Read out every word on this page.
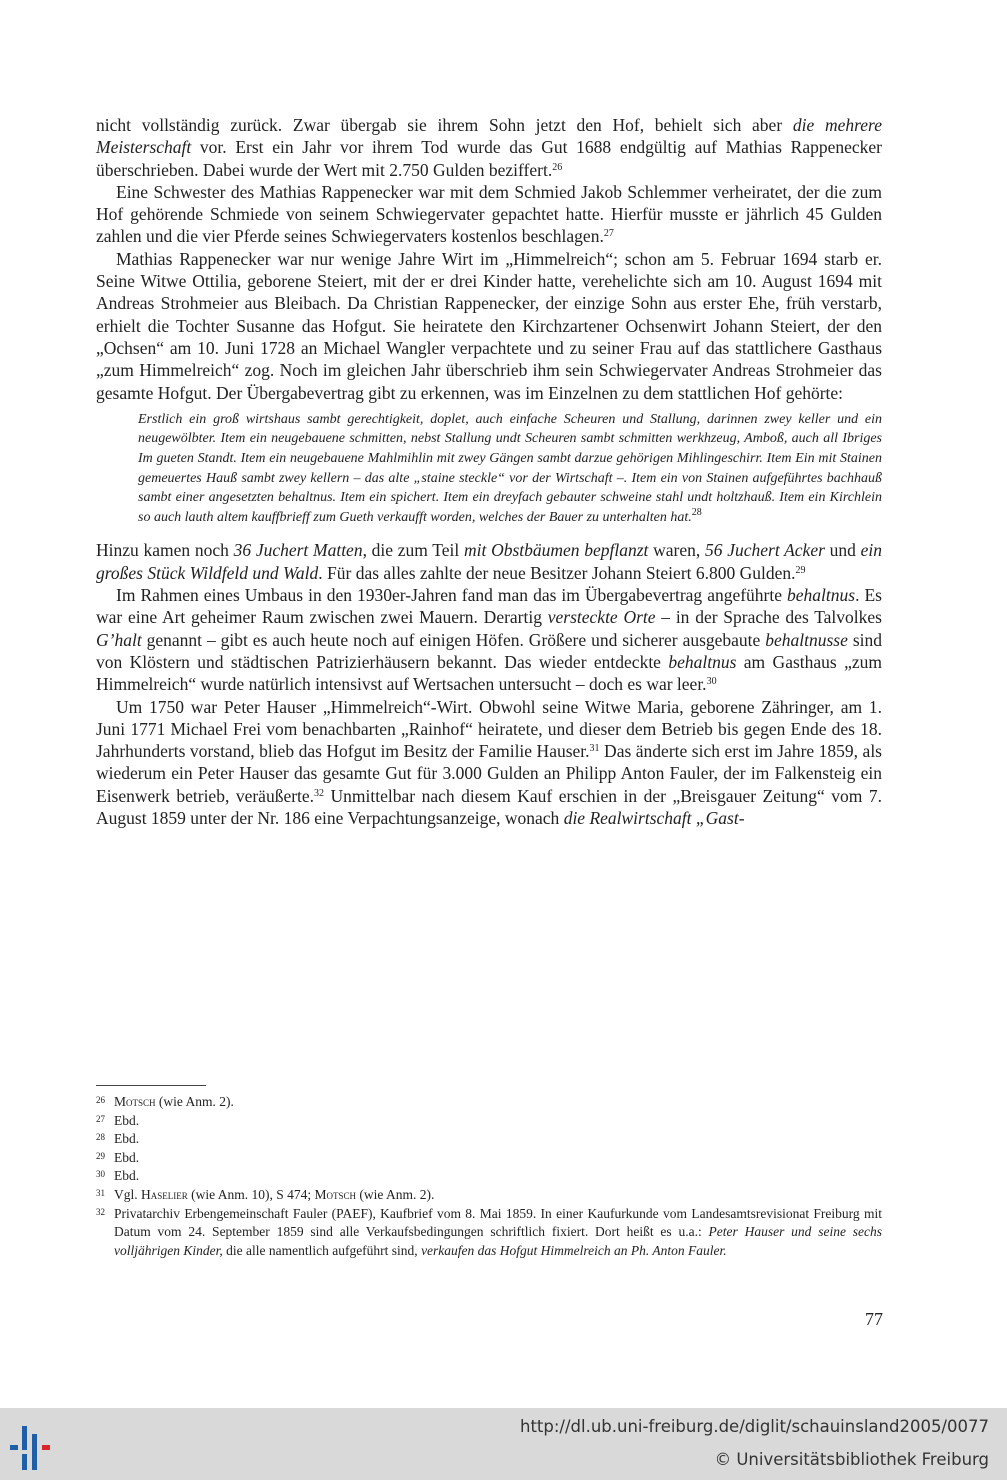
nicht vollständig zurück. Zwar übergab sie ihrem Sohn jetzt den Hof, behielt sich aber die mehrere Meisterschaft vor. Erst ein Jahr vor ihrem Tod wurde das Gut 1688 endgültig auf Mathias Rappenecker überschrieben. Dabei wurde der Wert mit 2.750 Gulden beziffert.$^{26}$

Eine Schwester des Mathias Rappenecker war mit dem Schmied Jakob Schlemmer verheiratet, der die zum Hof gehörende Schmiede von seinem Schwiegervater gepachtet hatte. Hierfür musste er jährlich 45 Gulden zahlen und die vier Pferde seines Schwiegervaters kostenlos beschlagen.$^{27}$

Mathias Rappenecker war nur wenige Jahre Wirt im „Himmelreich“; schon am 5. Februar 1694 starb er. Seine Witwe Ottilia, geborene Steiert, mit der er drei Kinder hatte, verehelichte sich am 10. August 1694 mit Andreas Strohmeier aus Bleibach. Da Christian Rappenecker, der einzige Sohn aus erster Ehe, früh verstarb, erhielt die Tochter Susanne das Hofgut. Sie heiratete den Kirchzartener Ochsenwirt Johann Steiert, der den „Ochsen“ am 10. Juni 1728 an Michael Wangler verpachtete und zu seiner Frau auf das stattlichere Gasthaus „zum Himmelreich“ zog. Noch im gleichen Jahr überschrieb ihm sein Schwiegervater Andreas Strohmeier das gesamte Hofgut. Der Übergabevertrag gibt zu erkennen, was im Einzelnen zu dem stattlichen Hof gehörte:

Erstlich ein groß wirtshaus sambt gerechtigkeit, doplet, auch einfache Scheuren und Stallung, darinnen zwey keller und ein neugewölbter. Item ein neugebauene schmitten, nebst Stallung undt Scheuren sambt schmitten werkhzeug, Amboß, auch all Ibriges Im gueten Standt. Item ein neugebauene Mahlmihlin mit zwey Gängen sambt darzue gehörigen Mihlingeschirr. Item Ein mit Stainen gemeuertes Hauß sambt zwey kellern – das alte „staine steckle“ vor der Wirtschaft –. Item ein von Stainen aufgeführtes bachhauß sambt einer angesetzten behaltnus. Item ein spichert. Item ein dreyfach gebauter schweine stahl undt holtzhauß. Item ein Kirchlein so auch lauth altem kauffbrieff zum Gueth verkaufft worden, welches der Bauer zu unterhalten hat.$^{28}$

Hinzu kamen noch 36 Juchert Matten, die zum Teil mit Obstbäumen bepflanzt waren, 56 Juchert Acker und ein großes Stück Wildfeld und Wald. Für das alles zahlte der neue Besitzer Johann Steiert 6.800 Gulden.$^{29}$

Im Rahmen eines Umbaus in den 1930er-Jahren fand man das im Übergabevertrag angeführte behaltnus. Es war eine Art geheimer Raum zwischen zwei Mauern. Derartig versteckte Orte – in der Sprache des Talvolkes G’halt genannt – gibt es auch heute noch auf einigen Höfen. Größere und sicherer ausgebaute behaltnusse sind von Klöstern und städtischen Patrizierhäusern bekannt. Das wieder entdeckte behaltnus am Gasthaus „zum Himmelreich“ wurde natürlich intensivst auf Wertsachen untersucht – doch es war leer.$^{30}$

Um 1750 war Peter Hauser „Himmelreich“-Wirt. Obwohl seine Witwe Maria, geborene Zähringer, am 1. Juni 1771 Michael Frei vom benachbarten „Rainhof“ heiratete, und dieser dem Betrieb bis gegen Ende des 18. Jahrhunderts vorstand, blieb das Hofgut im Besitz der Familie Hauser.$^{31}$ Das änderte sich erst im Jahre 1859, als wiederum ein Peter Hauser das gesamte Gut für 3.000 Gulden an Philipp Anton Fauler, der im Falkensteig ein Eisenwerk betrieb, veräußerte.$^{32}$ Unmittelbar nach diesem Kauf erschien in der „Breisgauer Zeitung“ vom 7. August 1859 unter der Nr. 186 eine Verpachtungsanzeige, wonach die Realwirtschaft „Gast-

26 Motsch (wie Anm. 2).
27 Ebd.
28 Ebd.
29 Ebd.
30 Ebd.
31 Vgl. Haselier (wie Anm. 10), S 474; Motsch (wie Anm. 2).
32 Privatarchiv Erbengemeinschaft Fauler (PAEF), Kaufbrief vom 8. Mai 1859. In einer Kaufurkunde vom Landesamtsrevisionat Freiburg mit Datum vom 24. September 1859 sind alle Verkaufsbedingungen schriftlich fixiert. Dort heißt es u.a.: Peter Hauser und seine sechs volljährigen Kinder, die alle namentlich aufgeführt sind, verkaufen das Hofgut Himmelreich an Ph. Anton Fauler.
77
http://dl.ub.uni-freiburg.de/diglit/schauinsland2005/0077
© Universitätsbibliothek Freiburg
